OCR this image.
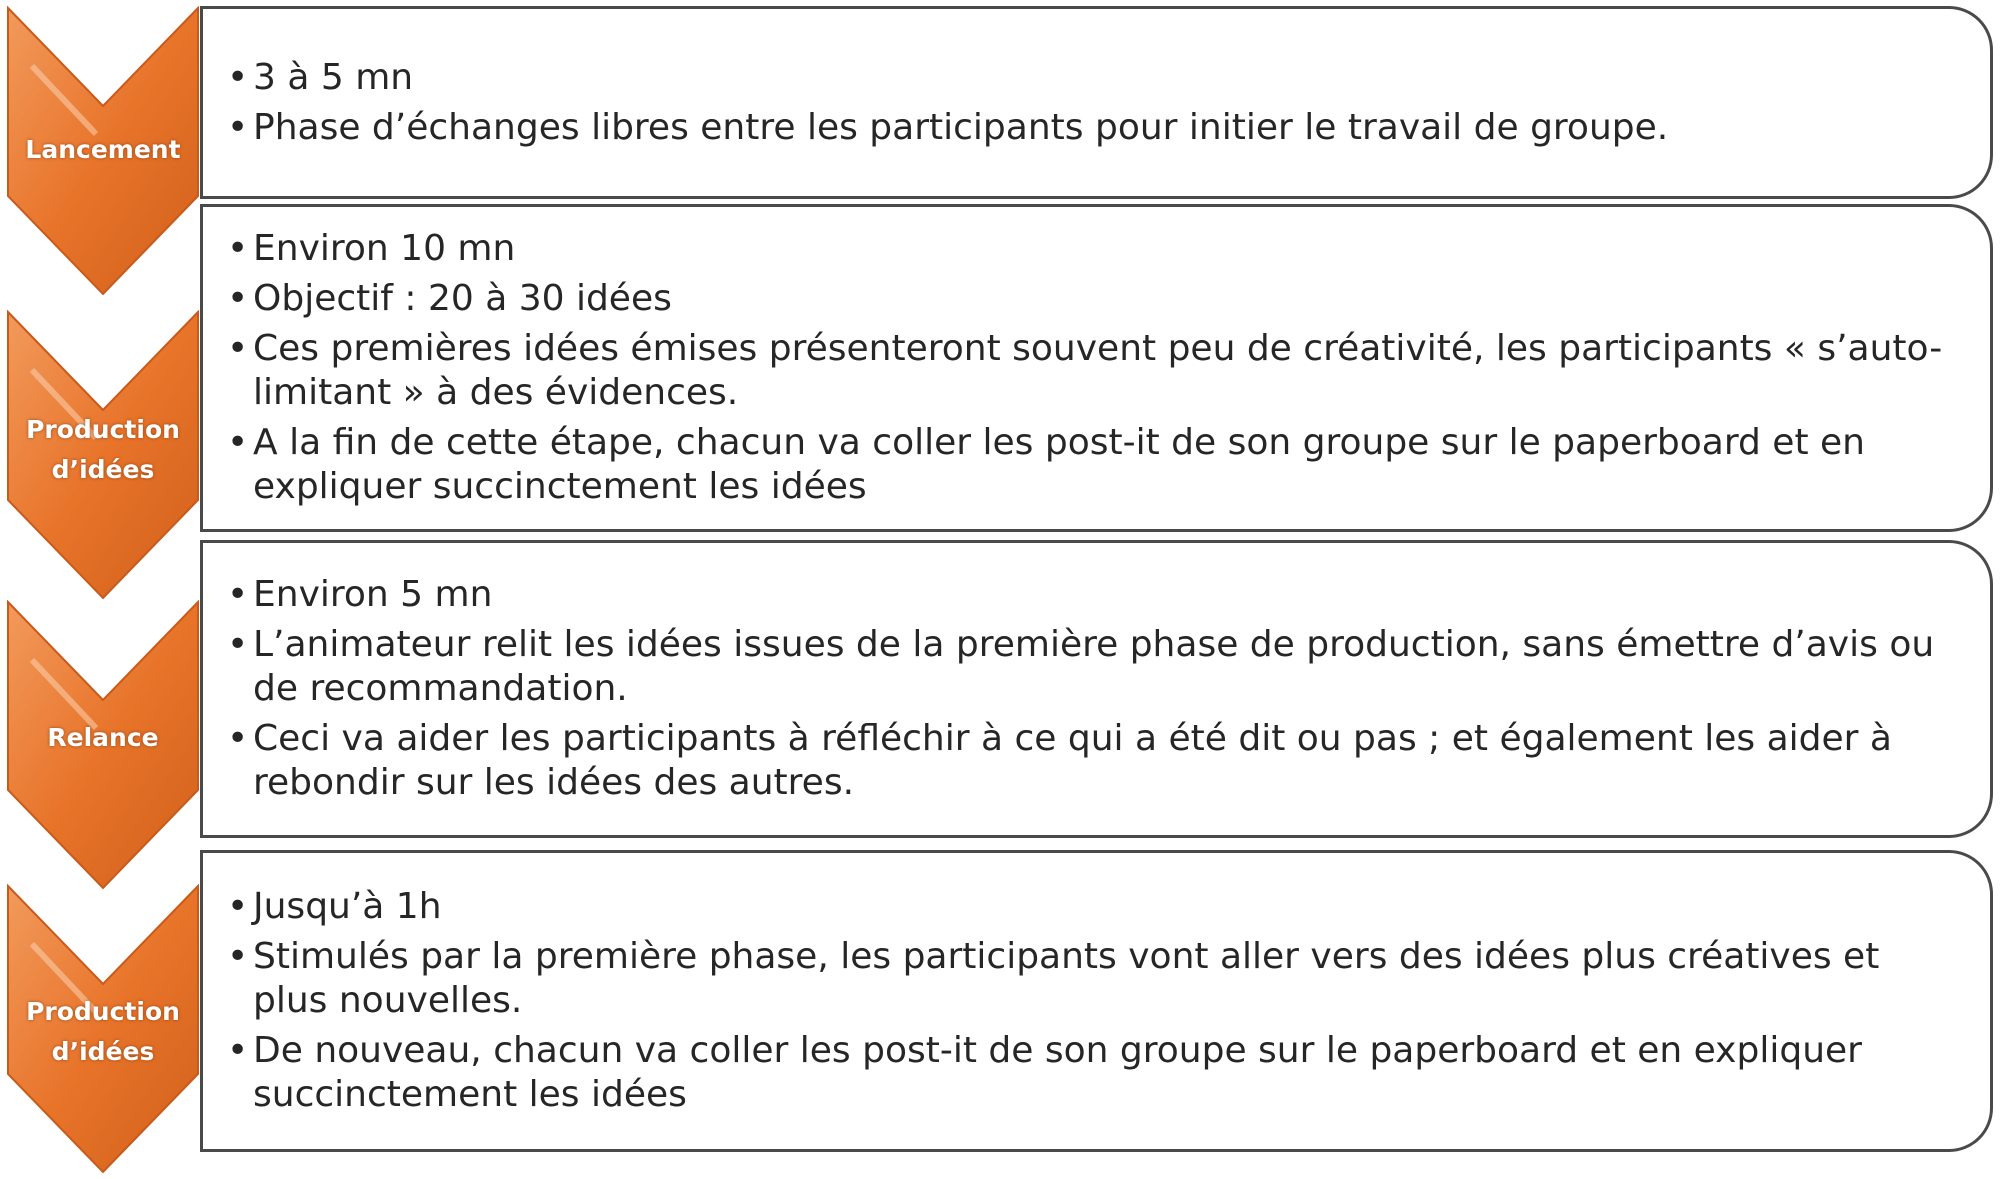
Lancement
• 3 à 5 mn
• Phase d’échanges libres entre les participants pour initier le travail de groupe.
Production d’idées
• Environ 10 mn
• Objectif : 20 à 30 idées
• Ces premières idées émises présenteront souvent peu de créativité, les participants « s’auto-limitant » à des évidences.
• A la fin de cette étape, chacun va coller les post-it de son groupe sur le paperboard et en expliquer succinctement les idées
Relance
• Environ 5 mn
• L’animateur relit les idées issues de la première phase de production, sans émettre d’avis ou de recommandation.
• Ceci va aider les participants à réfléchir à ce qui a été dit ou pas ; et également les aider à rebondir sur les idées des autres.
Production d’idées
• Jusqu’à 1h
• Stimulés par la première phase, les participants vont aller vers des idées plus créatives et plus nouvelles.
• De nouveau, chacun va coller les post-it de son groupe sur le paperboard et en expliquer succinctement les idées
